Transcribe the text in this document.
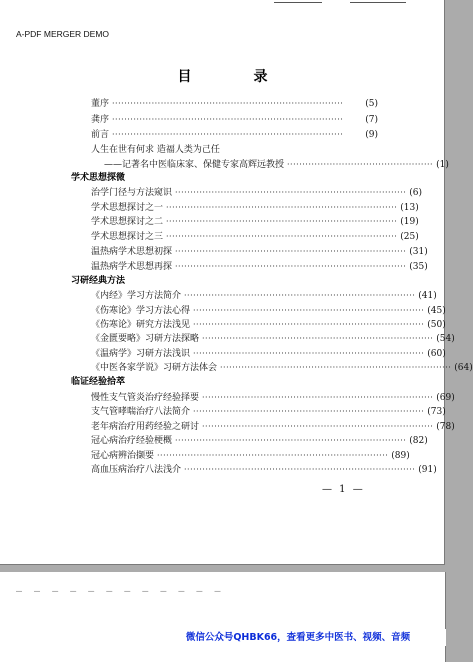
A-PDF MERGER DEMO
目录
董序 ············································································	(5)
龚序 ············································································	(7)
前言 ············································································	(9)
人生在世有何求 造福人类为己任
——记著名中医临床家、保健专家高辉远教授 ················································ (1)
学术思想探微
治学门径与方法窥识 ············································································ (6)
学术思想探讨之一 ············································································ (13)
学术思想探讨之二 ············································································ (19)
学术思想探讨之三 ············································································ (25)
温热病学术思想初探 ············································································ (31)
温热病学术思想再探 ············································································ (35)
习研经典方法
《内经》学习方法简介 ············································································ (41)
《伤寒论》学习方法心得 ············································································ (45)
《伤寒论》研究方法浅见 ············································································ (50)
《金匮要略》习研方法探略 ············································································ (54)
《温病学》习研方法浅识 ············································································ (60)
《中医各家学说》习研方法体会 ············································································ (64)
临证经验拾萃
慢性支气管炎治疗经验择要 ············································································ (69)
支气管哮喘治疗八法简介 ············································································ (73)
老年病治疗用药经验之研讨 ············································································ (78)
冠心病治疗经验梗概 ············································································ (82)
冠心病辨治撷要 ············································································ (89)
高血压病治疗八法浅介 ············································································ (91)
— 1 —
— — — — — — — — — — — —
微信公众号QHBK66，查看更多中医书、视频、音频
